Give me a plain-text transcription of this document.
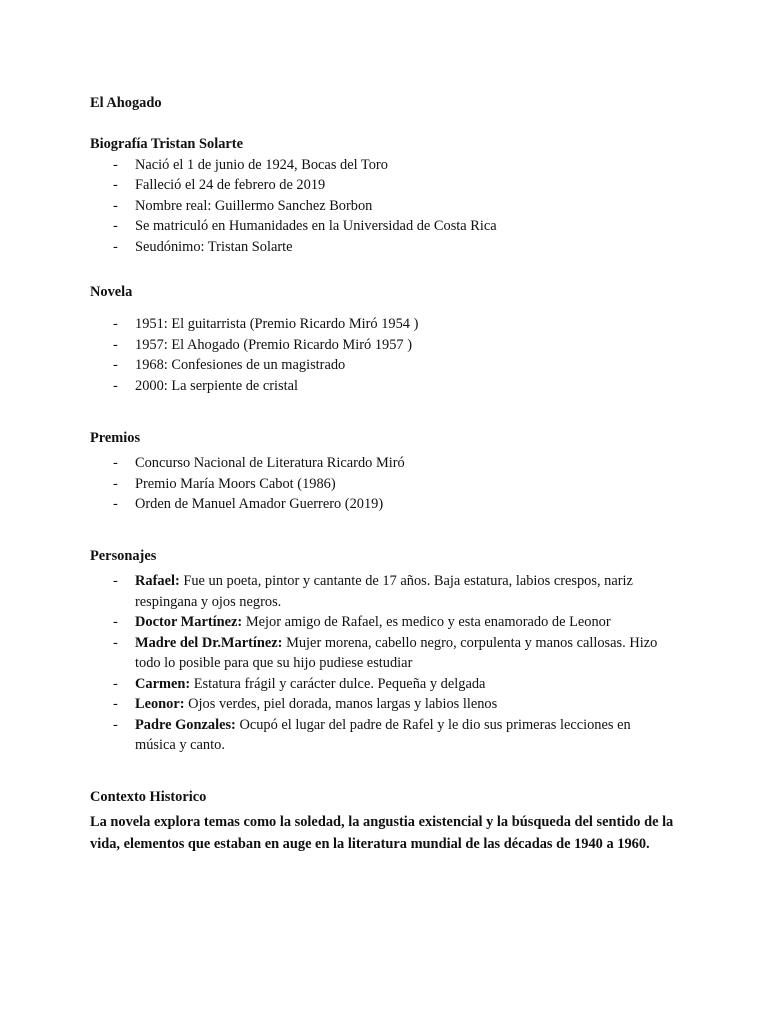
El Ahogado

Biografía Tristan Solarte

- Nació el 1 de junio de 1924, Bocas del Toro
- Falleció el 24 de febrero de 2019
- Nombre real: Guillermo Sanchez Borbon
- Se matriculó en Humanidades en la Universidad de Costa Rica
- Seudónimo: Tristan Solarte

Novela

- 1951: El guitarrista (Premio Ricardo Miró 1954 )
- 1957: El Ahogado (Premio Ricardo Miró 1957 )
- 1968: Confesiones de un magistrado
- 2000: La serpiente de cristal

Premios

- Concurso Nacional de Literatura Ricardo Miró
- Premio María Moors Cabot (1986)
- Orden de Manuel Amador Guerrero (2019)

Personajes

- Rafael: Fue un poeta, pintor y cantante de 17 años. Baja estatura, labios crespos, nariz respingana y ojos negros.
- Doctor Martínez: Mejor amigo de Rafael, es medico y esta enamorado de Leonor
- Madre del Dr.Martínez: Mujer morena, cabello negro, corpulenta y manos callosas. Hizo todo lo posible para que su hijo pudiese estudiar
- Carmen: Estatura frágil y carácter dulce. Pequeña y delgada
- Leonor: Ojos verdes, piel dorada, manos largas y labios llenos
- Padre Gonzales: Ocupó el lugar del padre de Rafel y le dio sus primeras lecciones en música y canto.

Contexto Historico

La novela explora temas como la soledad, la angustia existencial y la búsqueda del sentido de la vida, elementos que estaban en auge en la literatura mundial de las décadas de 1940 a 1960.
